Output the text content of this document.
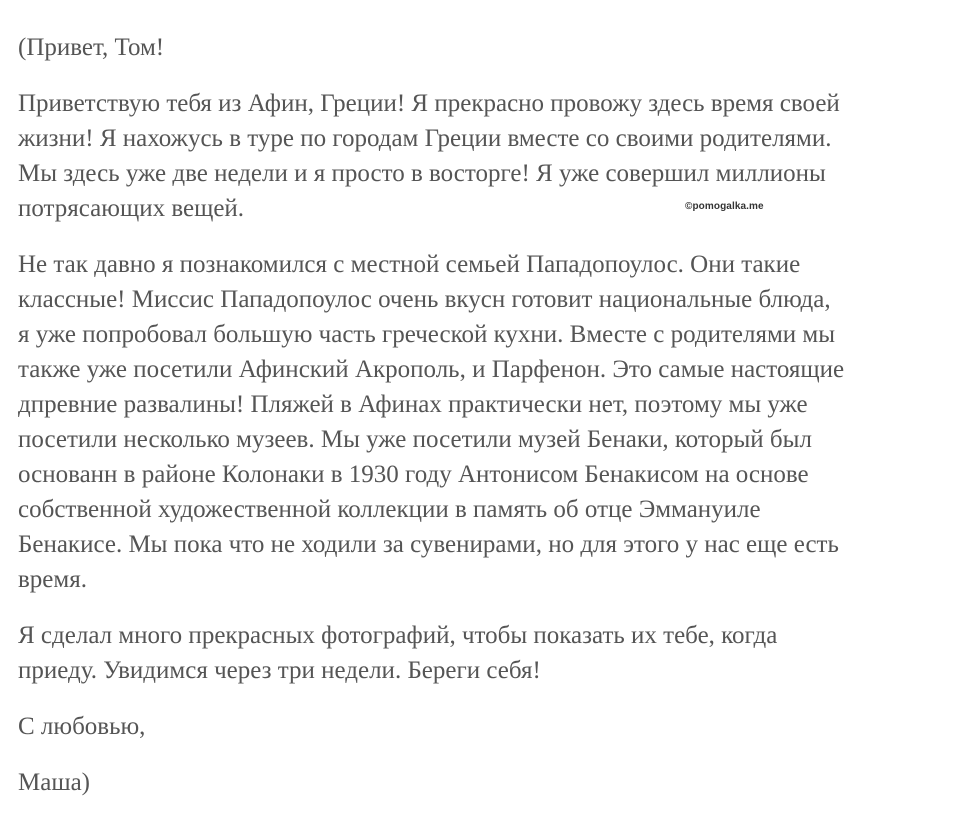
(Привет, Том!

Приветствую тебя из Афин, Греции! Я прекрасно провожу здесь время своей
жизни! Я нахожусь в туре по городам Греции вместе со своими родителями.
Мы здесь уже две недели и я просто в восторге! Я уже совершил миллионы
потрясающих вещей.

Не так давно я познакомился с местной семьей Пападопоулос. Они такие
классные! Миссис Пападопоулос очень вкусн готовит национальные блюда,
я уже попробовал большую часть греческой кухни. Вместе с родителями мы
также уже посетили Афинский Акрополь, и Парфенон. Это самые настоящие
дпревние развалины! Пляжей в Афинах практически нет, поэтому мы уже
посетили несколько музеев. Мы уже посетили музей Бенаки, который был
основанн в районе Колонаки в 1930 году Антонисом Бенакисом на основе
собственной художественной коллекции в память об отце Эммануиле
Бенакисе. Мы пока что не ходили за сувенирами, но для этого у нас еще есть
время.

Я сделал много прекрасных фотографий, чтобы показать их тебе, когда
приеду. Увидимся через три недели. Береги себя!

С любовью,

Маша)

©pomogalka.me
